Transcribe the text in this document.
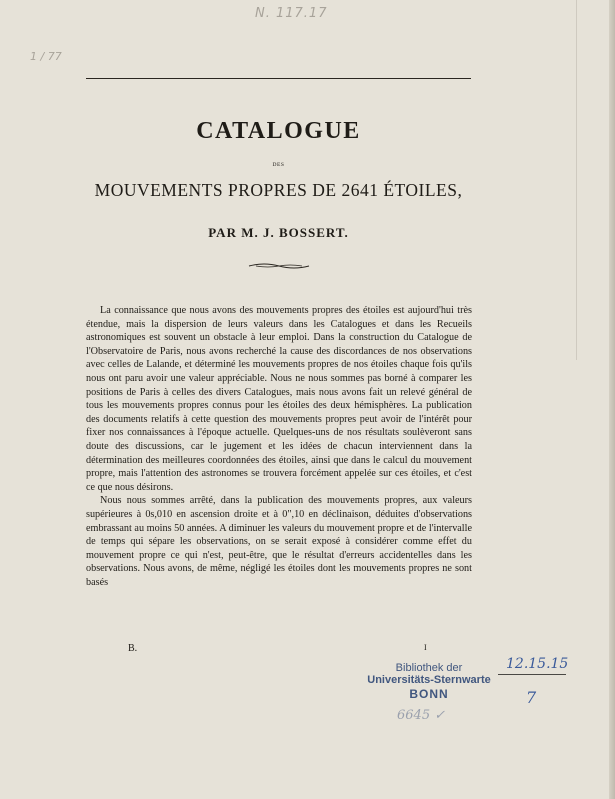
N. 117.17
1 / 77
CATALOGUE
DES
MOUVEMENTS PROPRES DE 2641 ÉTOILES,
PAR M. J. BOSSERT.

La connaissance que nous avons des mouvements propres des étoiles est aujourd'hui très étendue, mais la dispersion de leurs valeurs dans les Catalogues et dans les Recueils astronomiques est souvent un obstacle à leur emploi. Dans la construction du Catalogue de l'Observatoire de Paris, nous avons recherché la cause des discordances de nos observations avec celles de Lalande, et déterminé les mouvements propres de nos étoiles chaque fois qu'ils nous ont paru avoir une valeur appréciable. Nous ne nous sommes pas borné à comparer les positions de Paris à celles des divers Catalogues, mais nous avons fait un relevé général de tous les mouvements propres connus pour les étoiles des deux hémisphères. La publication des documents relatifs à cette question des mouvements propres peut avoir de l'intérêt pour fixer nos connaissances à l'époque actuelle. Quelques-uns de nos résultats soulèveront sans doute des discussions, car le jugement et les idées de chacun interviennent dans la détermination des meilleures coordonnées des étoiles, ainsi que dans le calcul du mouvement propre, mais l'attention des astronomes se trouvera forcément appelée sur ces étoiles, et c'est ce que nous désirons.

Nous nous sommes arrêté, dans la publication des mouvements propres, aux valeurs supérieures à 0s,010 en ascension droite et à 0",10 en déclinaison, déduites d'observations embrassant au moins 50 années. A diminuer les valeurs du mouvement propre et de l'intervalle de temps qui sépare les observations, on se serait exposé à considérer comme effet du mouvement propre ce qui n'est, peut-être, que le résultat d'erreurs accidentelles dans les observations. Nous avons, de même, négligé les étoiles dont les mouvements propres ne sont basés

B.	I
Bibliothek der
Universitäts-Sternwarte
BONN
12.15.15
7
6645 ✓
